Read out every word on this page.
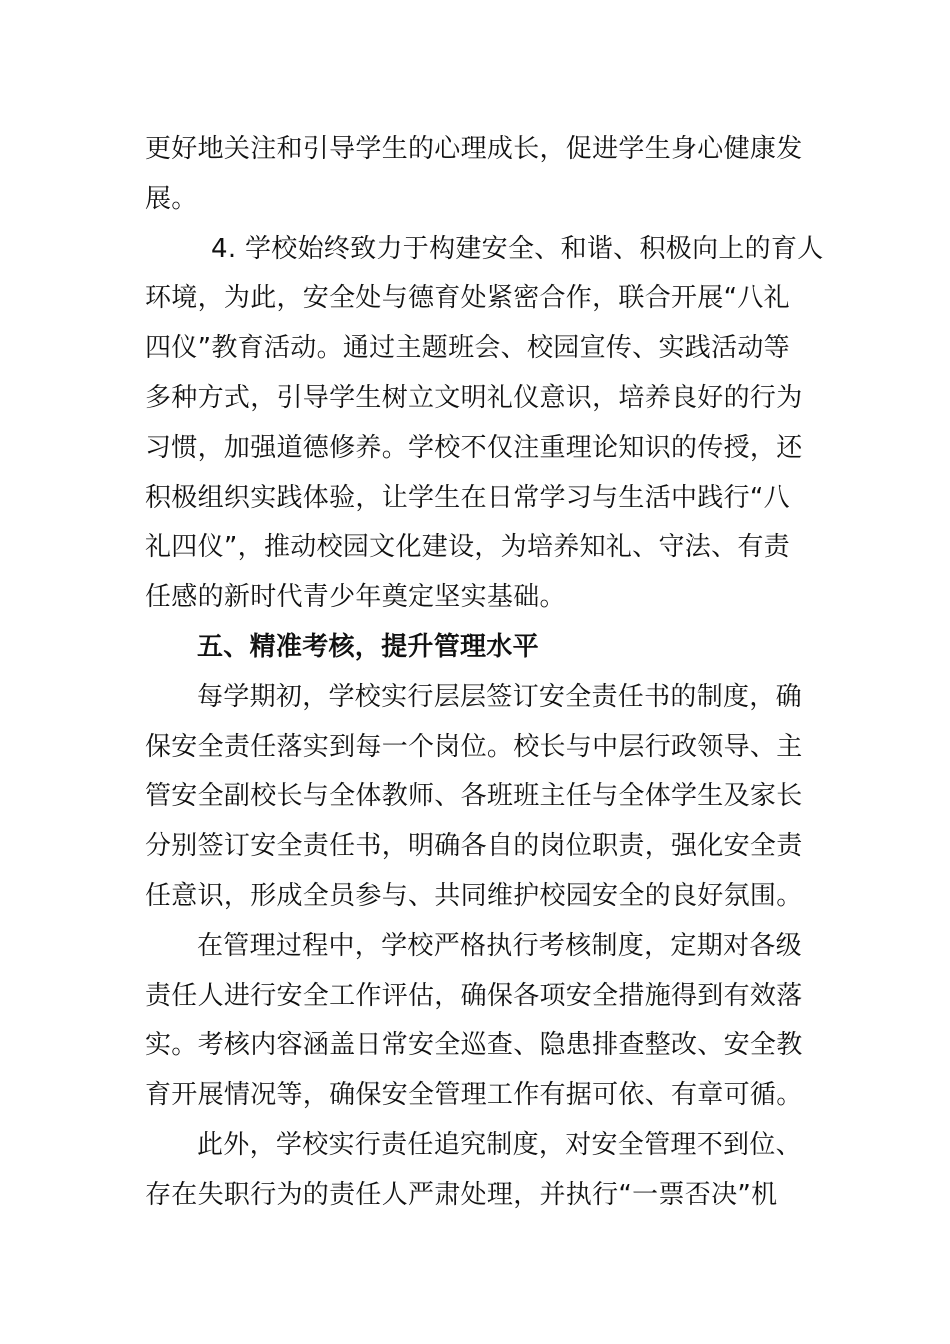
更好地关注和引导学生的心理成长，促进学生身心健康发
展。
4. 学校始终致力于构建安全、和谐、积极向上的育人
环境，为此，安全处与德育处紧密合作，联合开展“八礼
四仪”教育活动。通过主题班会、校园宣传、实践活动等
多种方式，引导学生树立文明礼仪意识，培养良好的行为
习惯，加强道德修养。学校不仅注重理论知识的传授，还
积极组织实践体验，让学生在日常学习与生活中践行“八
礼四仪”，推动校园文化建设，为培养知礼、守法、有责
任感的新时代青少年奠定坚实基础。
五、精准考核，提升管理水平
每学期初，学校实行层层签订安全责任书的制度，确
保安全责任落实到每一个岗位。校长与中层行政领导、主
管安全副校长与全体教师、各班班主任与全体学生及家长
分别签订安全责任书，明确各自的岗位职责，强化安全责
任意识，形成全员参与、共同维护校园安全的良好氛围。
在管理过程中，学校严格执行考核制度，定期对各级
责任人进行安全工作评估，确保各项安全措施得到有效落
实。考核内容涵盖日常安全巡查、隐患排查整改、安全教
育开展情况等，确保安全管理工作有据可依、有章可循。
此外，学校实行责任追究制度，对安全管理不到位、
存在失职行为的责任人严肃处理，并执行“一票否决”机
